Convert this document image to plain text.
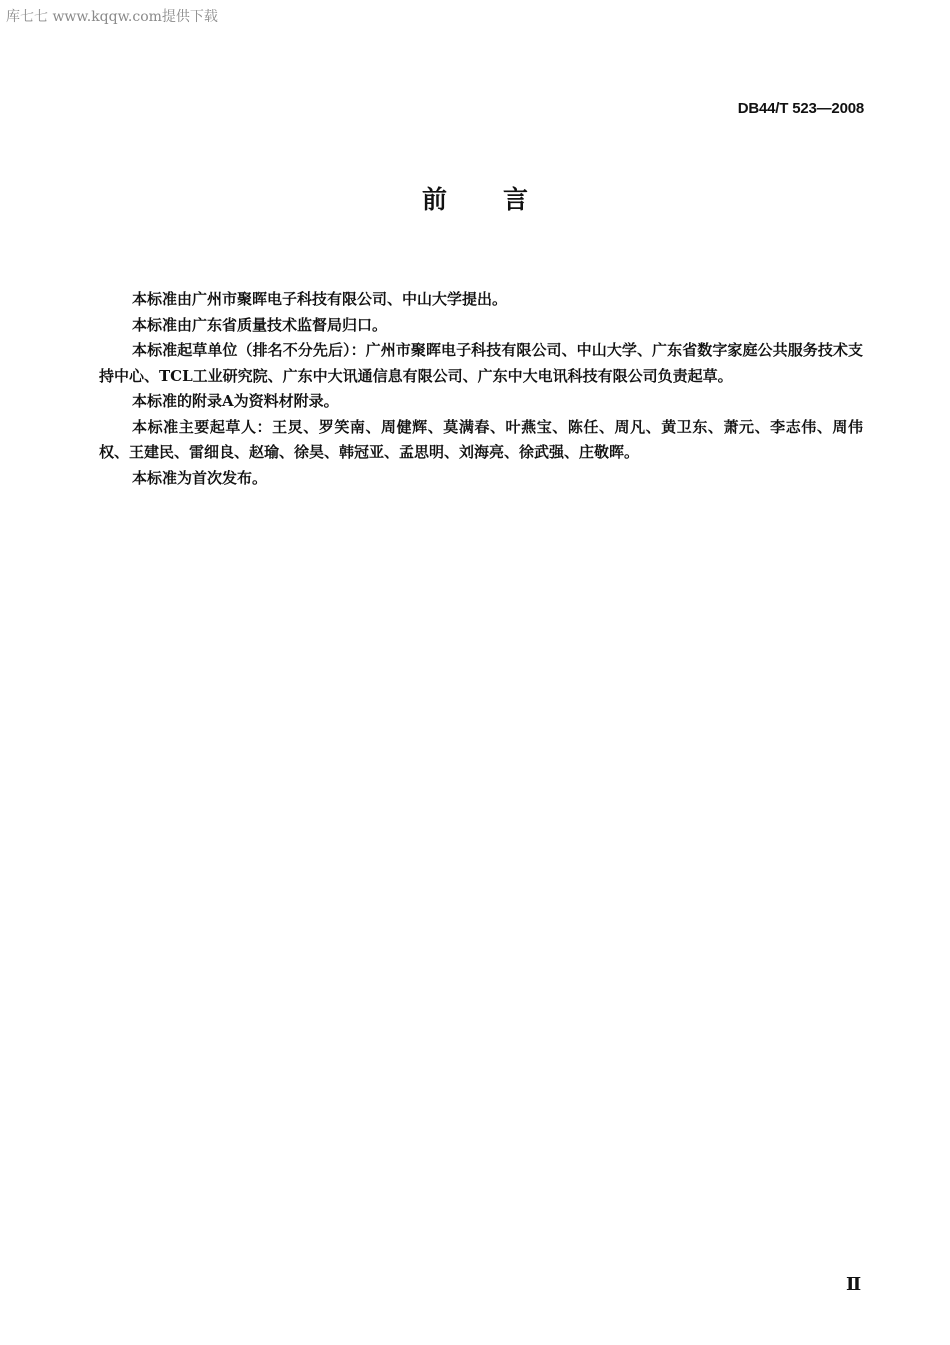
库七七 www.kqqw.com提供下载
DB44/T 523—2008
前言

本标准由广州市聚晖电子科技有限公司、中山大学提出。

本标准由广东省质量技术监督局归口。

本标准起草单位（排名不分先后）：广州市聚晖电子科技有限公司、中山大学、广东省数字家庭公共服务技术支持中心、TCL工业研究院、广东中大讯通信息有限公司、广东中大电讯科技有限公司负责起草。

本标准的附录A为资料材附录。

本标准主要起草人：王炅、罗笑南、周健辉、莫满春、叶燕宝、陈任、周凡、黄卫东、萧元、李志伟、周伟权、王建民、雷细良、赵瑜、徐昊、韩冠亚、孟思明、刘海亮、徐武强、庄敬晖。

本标准为首次发布。

Ⅱ
